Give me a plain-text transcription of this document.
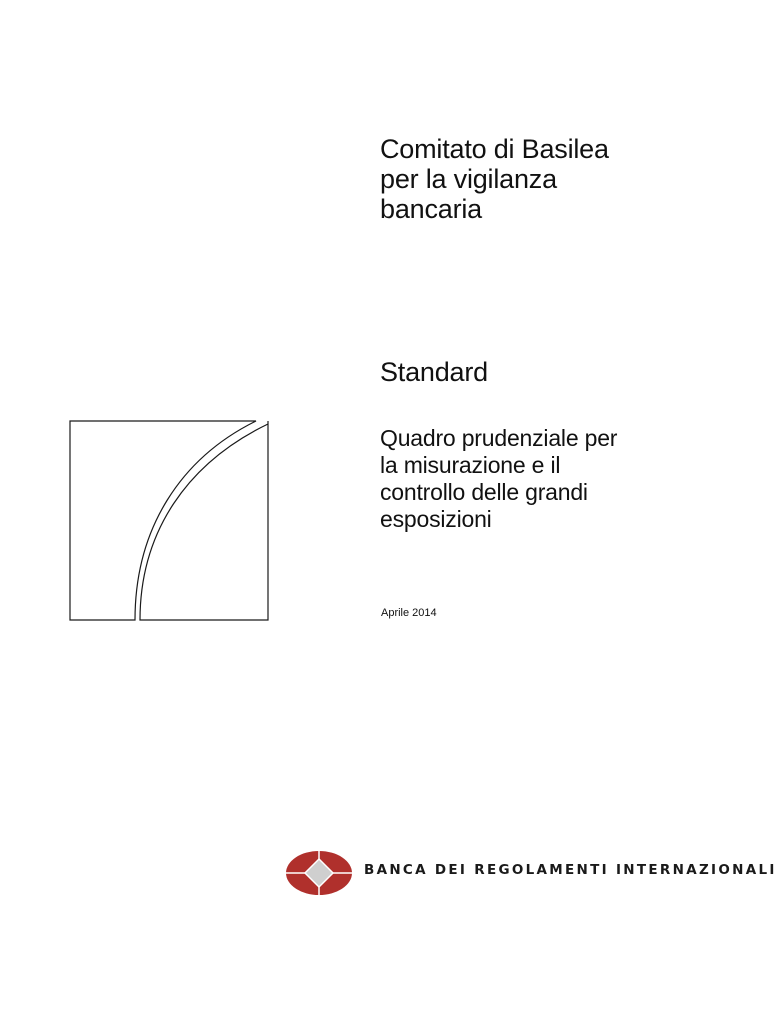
Comitato di Basilea
per la vigilanza
bancaria
Standard
Quadro prudenziale per
la misurazione e il
controllo delle grandi
esposizioni

Aprile 2014

BANCA DEI REGOLAMENTI INTERNAZIONALI
